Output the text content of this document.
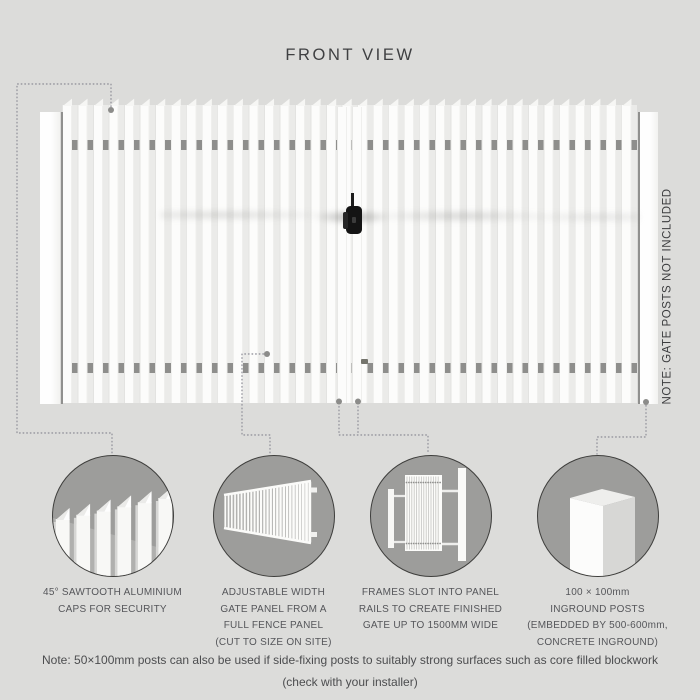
FRONT VIEW
NOTE: GATE POSTS NOT INCLUDED
45° SAWTOOTH ALUMINIUM
CAPS FOR SECURITY
ADJUSTABLE WIDTH
GATE PANEL FROM A
FULL FENCE PANEL
(CUT TO SIZE ON SITE)
FRAMES SLOT INTO PANEL
RAILS TO CREATE FINISHED
GATE UP TO 1500MM WIDE
100 × 100mm
INGROUND POSTS
(EMBEDDED BY 500-600mm,
CONCRETE INGROUND)
Note: 50×100mm posts can also be used if side-fixing posts to suitably strong surfaces such as core filled blockwork
(check with your installer)
